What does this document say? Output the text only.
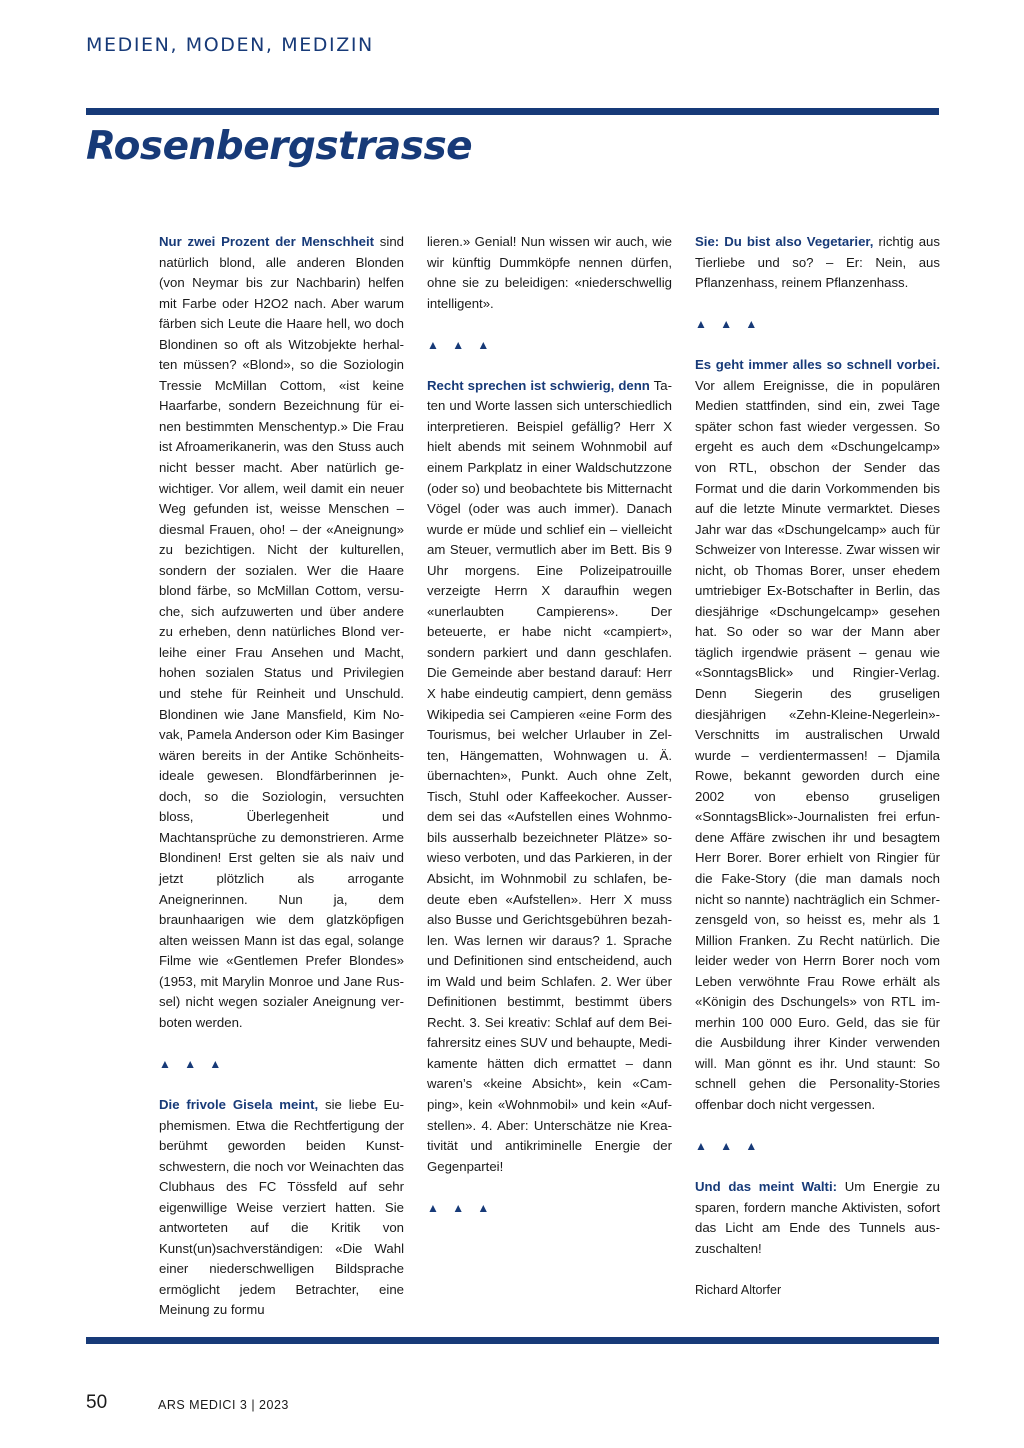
MEDIEN, MODEN, MEDIZIN
Rosenbergstrasse

Nur zwei Prozent der Menschheit sind natürlich blond, alle anderen Blonden (von Neymar bis zur Nachbarin) helfen mit Farbe oder H2O2 nach. Aber warum färben sich Leute die Haare hell, wo doch Blondinen so oft als Witzobjekte herhalten müssen? «Blond», so die Soziologin Tressie McMillan Cottom, «ist keine Haarfarbe, sondern Bezeichnung für einen bestimmten Menschentyp.» Die Frau ist Afroamerikanerin, was den Stuss auch nicht besser macht. Aber natürlich gewichtiger. Vor allem, weil damit ein neuer Weg gefunden ist, weisse Menschen – diesmal Frauen, oho! – der «Aneignung» zu bezichtigen. Nicht der kulturellen, sondern der sozialen. Wer die Haare blond färbe, so McMillan Cottom, versuche, sich aufzuwerten und über andere zu erheben, denn natürliches Blond verleihe einer Frau Ansehen und Macht, hohen sozialen Status und Privilegien und stehe für Reinheit und Unschuld. Blondinen wie Jane Mansfield, Kim Novak, Pamela Anderson oder Kim Basinger wären bereits in der Antike Schönheitsideale gewesen. Blondfärberinnen jedoch, so die Soziologin, versuchten bloss, Überlegenheit und Machtansprüche zu demonstrieren. Arme Blondinen! Erst gelten sie als naiv und jetzt plötzlich als arrogante Aneignerinnen. Nun ja, dem braunhaarigen wie dem glatzköpfigen alten weissen Mann ist das egal, solange Filme wie «Gentlemen Prefer Blondes» (1953, mit Marylin Monroe und Jane Russel) nicht wegen sozialer Aneignung verboten werden.

▲ ▲ ▲

Die frivole Gisela meint, sie liebe Euphemismen. Etwa die Rechtfertigung der berühmt geworden beiden Kunstschwestern, die noch vor Weinachten das Clubhaus des FC Tössfeld auf sehr eigenwillige Weise verziert hatten. Sie antworteten auf die Kritik von Kunst(un)sachverständigen: «Die Wahl einer niederschwelligen Bildsprache ermöglicht jedem Betrachter, eine Meinung zu formu

lieren.» Genial! Nun wissen wir auch, wie wir künftig Dummköpfe nennen dürfen, ohne sie zu beleidigen: «niederschwellig intelligent».

▲ ▲ ▲

Recht sprechen ist schwierig, denn Taten und Worte lassen sich unterschiedlich interpretieren. Beispiel gefällig? Herr X hielt abends mit seinem Wohnmobil auf einem Parkplatz in einer Waldschutzzone (oder so) und beobachtete bis Mitternacht Vögel (oder was auch immer). Danach wurde er müde und schlief ein – vielleicht am Steuer, vermutlich aber im Bett. Bis 9 Uhr morgens. Eine Polizeipatrouille verzeigte Herrn X daraufhin wegen «unerlaubten Campierens». Der beteuerte, er habe nicht «campiert», sondern parkiert und dann geschlafen. Die Gemeinde aber bestand darauf: Herr X habe eindeutig campiert, denn gemäss Wikipedia sei Campieren «eine Form des Tourismus, bei welcher Urlauber in Zelten, Hängematten, Wohnwagen u. Ä. übernachten», Punkt. Auch ohne Zelt, Tisch, Stuhl oder Kaffeekocher. Ausserdem sei das «Aufstellen eines Wohnmobils ausserhalb bezeichneter Plätze» sowieso verboten, und das Parkieren, in der Absicht, im Wohnmobil zu schlafen, bedeute eben «Aufstellen». Herr X muss also Busse und Gerichtsgebühren bezahlen. Was lernen wir daraus? 1. Sprache und Definitionen sind entscheidend, auch im Wald und beim Schlafen. 2. Wer über Definitionen bestimmt, bestimmt übers Recht. 3. Sei kreativ: Schlaf auf dem Beifahrersitz eines SUV und behaupte, Medikamente hätten dich ermattet – dann waren’s «keine Absicht», kein «Camping», kein «Wohnmobil» und kein «Aufstellen». 4. Aber: Unterschätze nie Kreativität und antikriminelle Energie der Gegenpartei!

▲ ▲ ▲

Sie: Du bist also Vegetarier, richtig aus Tierliebe und so? – Er: Nein, aus Pflanzenhass, reinem Pflanzenhass.

▲ ▲ ▲

Es geht immer alles so schnell vorbei. Vor allem Ereignisse, die in populären Medien stattfinden, sind ein, zwei Tage später schon fast wieder vergessen. So ergeht es auch dem «Dschungelcamp» von RTL, obschon der Sender das Format und die darin Vorkommenden bis auf die letzte Minute vermarktet. Dieses Jahr war das «Dschungelcamp» auch für Schweizer von Interesse. Zwar wissen wir nicht, ob Thomas Borer, unser ehedem umtriebiger Ex-Botschafter in Berlin, das diesjährige «Dschungelcamp» gesehen hat. So oder so war der Mann aber täglich irgendwie präsent – genau wie «SonntagsBlick» und Ringier-Verlag. Denn Siegerin des gruseligen diesjährigen «Zehn-Kleine-Negerlein»-Verschnitts im australischen Urwald wurde – verdientermassen! – Djamila Rowe, bekannt geworden durch eine 2002 von ebenso gruseligen «SonntagsBlick»-Journalisten frei erfundene Affäre zwischen ihr und besagtem Herr Borer. Borer erhielt von Ringier für die Fake-Story (die man damals noch nicht so nannte) nachträglich ein Schmerzensgeld von, so heisst es, mehr als 1 Million Franken. Zu Recht natürlich. Die leider weder von Herrn Borer noch vom Leben verwöhnte Frau Rowe erhält als «Königin des Dschungels» von RTL immerhin 100 000 Euro. Geld, das sie für die Ausbildung ihrer Kinder verwenden will. Man gönnt es ihr. Und staunt: So schnell gehen die Personality-Stories offenbar doch nicht vergessen.

▲ ▲ ▲

Und das meint Walti: Um Energie zu sparen, fordern manche Aktivisten, sofort das Licht am Ende des Tunnels auszuschalten!

Richard Altorfer

50	ARS MEDICI 3 | 2023
